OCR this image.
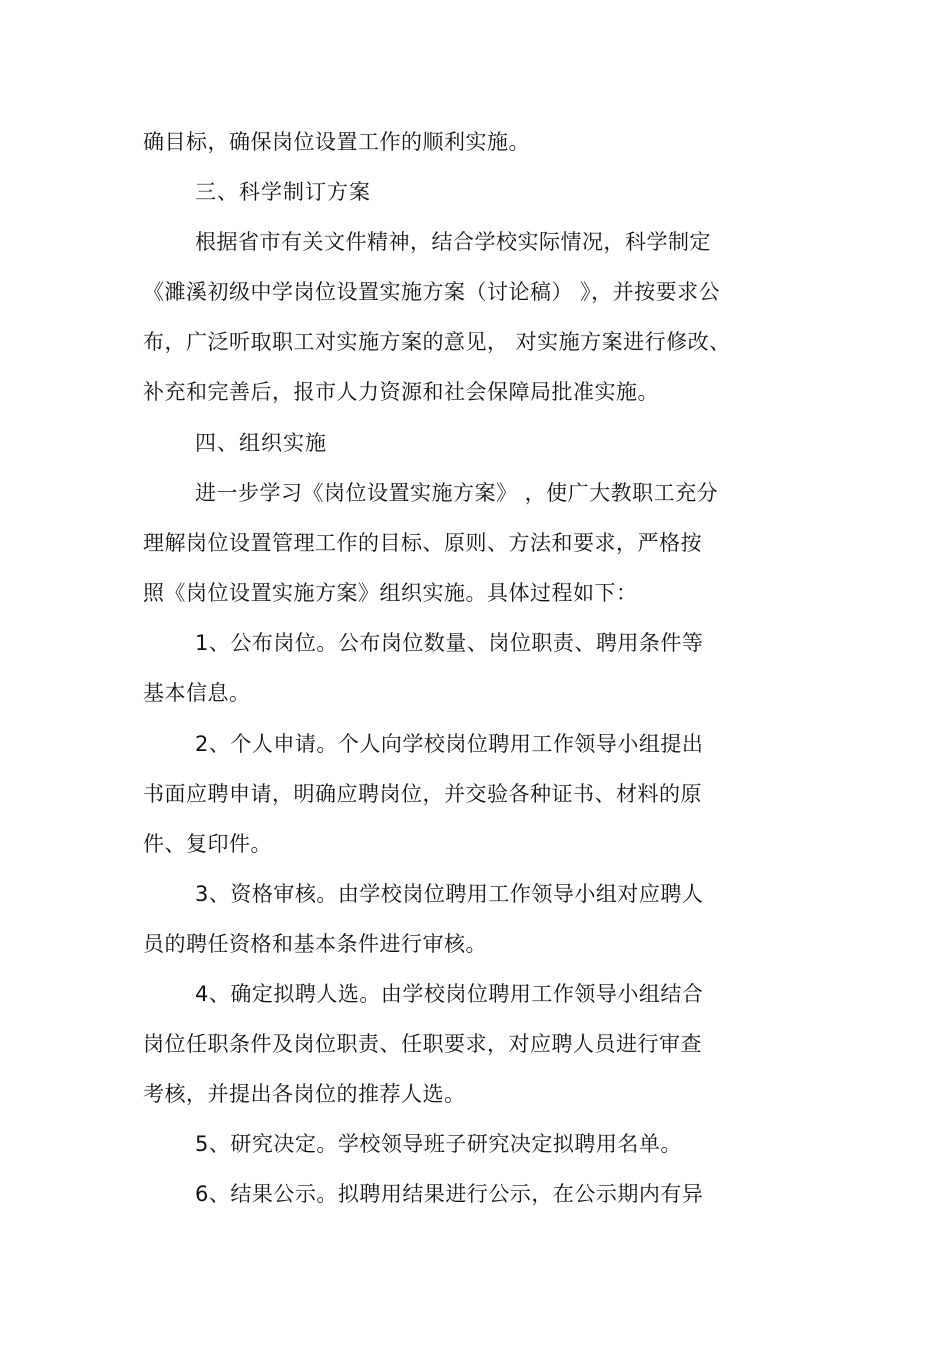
确目标，确保岗位设置工作的顺利实施。
三、科学制订方案
根据省市有关文件精神，结合学校实际情况，科学制定
《濉溪初级中学岗位设置实施方案（讨论稿） 》，并按要求公
布，广泛听取职工对实施方案的意见， 对实施方案进行修改、
补充和完善后，报市人力资源和社会保障局批准实施。
四、组织实施
进一步学习《岗位设置实施方案》 ，使广大教职工充分
理解岗位设置管理工作的目标、原则、方法和要求，严格按
照《岗位设置实施方案》组织实施。具体过程如下：
1、公布岗位。公布岗位数量、岗位职责、聘用条件等
基本信息。
2、个人申请。个人向学校岗位聘用工作领导小组提出
书面应聘申请，明确应聘岗位，并交验各种证书、材料的原
件、复印件。
3、资格审核。由学校岗位聘用工作领导小组对应聘人
员的聘任资格和基本条件进行审核。
4、确定拟聘人选。由学校岗位聘用工作领导小组结合
岗位任职条件及岗位职责、任职要求，对应聘人员进行审查
考核，并提出各岗位的推荐人选。
5、研究决定。学校领导班子研究决定拟聘用名单。
6、结果公示。拟聘用结果进行公示，在公示期内有异
